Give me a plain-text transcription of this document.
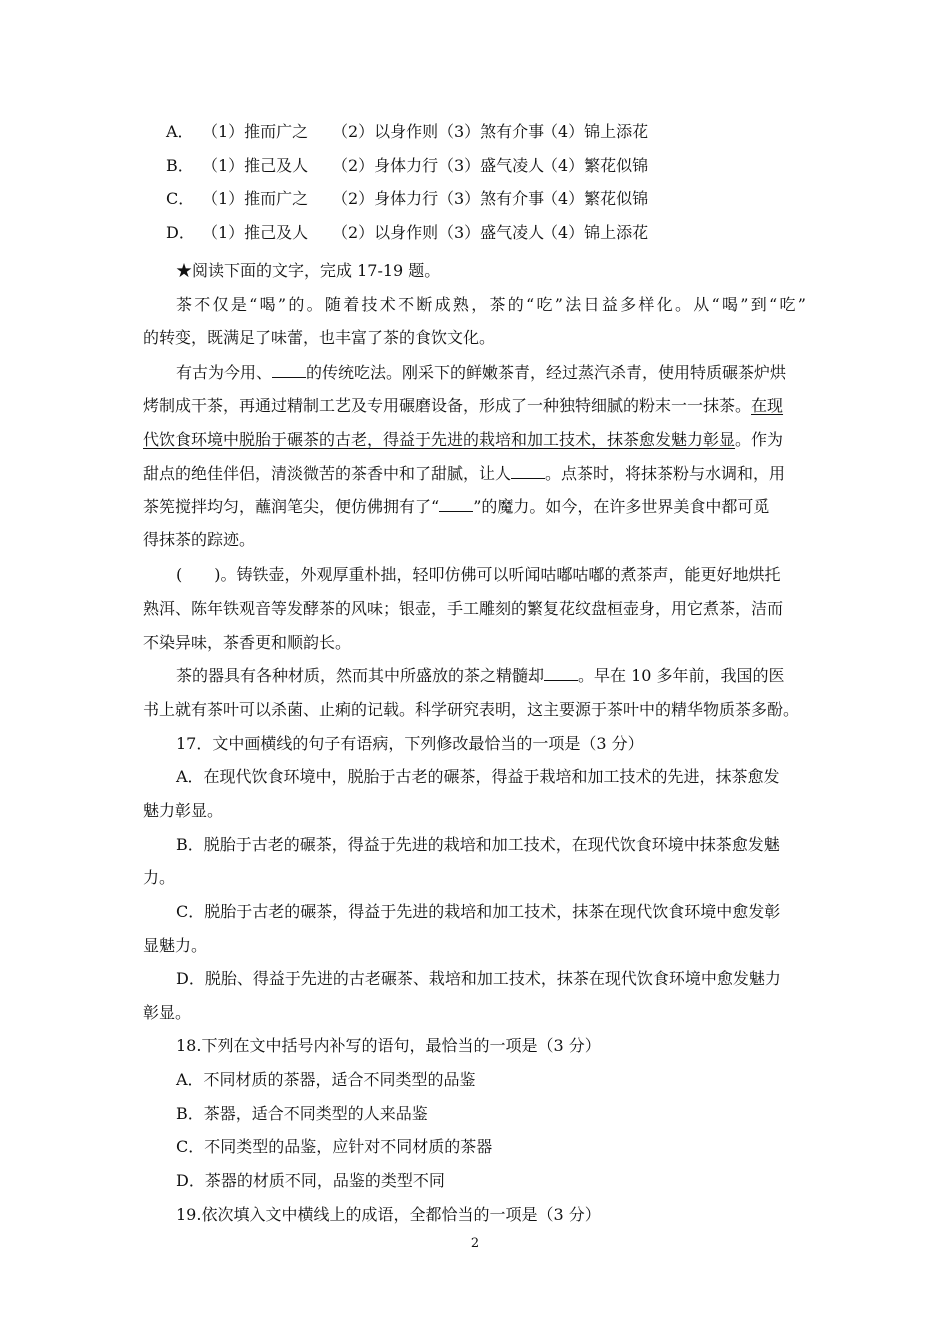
A． （1）推而广之 （2）以身作则 （3）煞有介事
（4）锦上添花
B． （1）推己及人 （2）身体力行 （3）盛气凌人
（4）繁花似锦
C． （1）推而广之 （2）身体力行 （3）煞有介事
（4）繁花似锦
D． （1）推己及人 （2）以身作则 （3）盛气凌人
（4）锦上添花
★阅读下面的文字，完成 17-19 题。
茶不仅是“喝”的。随着技术不断成熟，茶的“吃”法日益多样化。从“喝”到“吃”
的转变，既满足了味蕾，也丰富了茶的食饮文化。
有古为今用、 的传统吃法。刚采下的鲜嫩茶青，经过蒸汽杀青，使用特质碾茶炉烘
烤制成干茶，再通过精制工艺及专用碾磨设备，形成了一种独特细腻的粉末一一抹茶。在现
代饮食环境中脱胎于碾茶的古老，得益于先进的栽培和加工技术，抹茶愈发魅力彰显。作为
甜点的绝佳伴侣，清淡微苦的茶香中和了甜腻，让人 。点茶时，将抹茶粉与水调和，用
茶筅搅拌均匀，蘸润笔尖，便仿佛拥有了“ ”的魔力。如今，在许多世界美食中都可觅
得抹茶的踪迹。
(　　)。铸铁壶，外观厚重朴拙，轻叩仿佛可以听闻咕嘟咕嘟的煮茶声，能更好地烘托
熟洱、陈年铁观音等发酵茶的风味；银壶，手工雕刻的繁复花纹盘桓壶身，用它煮茶，洁而
不染异味，茶香更和顺韵长。
茶的器具有各种材质，然而其中所盛放的茶之精髓却 。早在 10 多年前，我国的医
书上就有茶叶可以杀菌、止痢的记载。科学研究表明，这主要源于茶叶中的精华物质茶多酚。
17．文中画横线的句子有语病，下列修改最恰当的一项是（3 分）
A．在现代饮食环境中，脱胎于古老的碾茶，得益于栽培和加工技术的先进，抹茶愈发
魅力彰显。
B．脱胎于古老的碾茶，得益于先进的栽培和加工技术，在现代饮食环境中抹茶愈发魅
力。
C．脱胎于古老的碾茶，得益于先进的栽培和加工技术，抹茶在现代饮食环境中愈发彰
显魅力。
D．脱胎、得益于先进的古老碾茶、栽培和加工技术，抹茶在现代饮食环境中愈发魅力
彰显。
18.下列在文中括号内补写的语句，最恰当的一项是（3 分）
A．不同材质的茶器，适合不同类型的品鉴
B．茶器，适合不同类型的人来品鉴
C．不同类型的品鉴，应针对不同材质的茶器
D．茶器的材质不同，品鉴的类型不同
19.依次填入文中横线上的成语，全都恰当的一项是（3 分）
2
